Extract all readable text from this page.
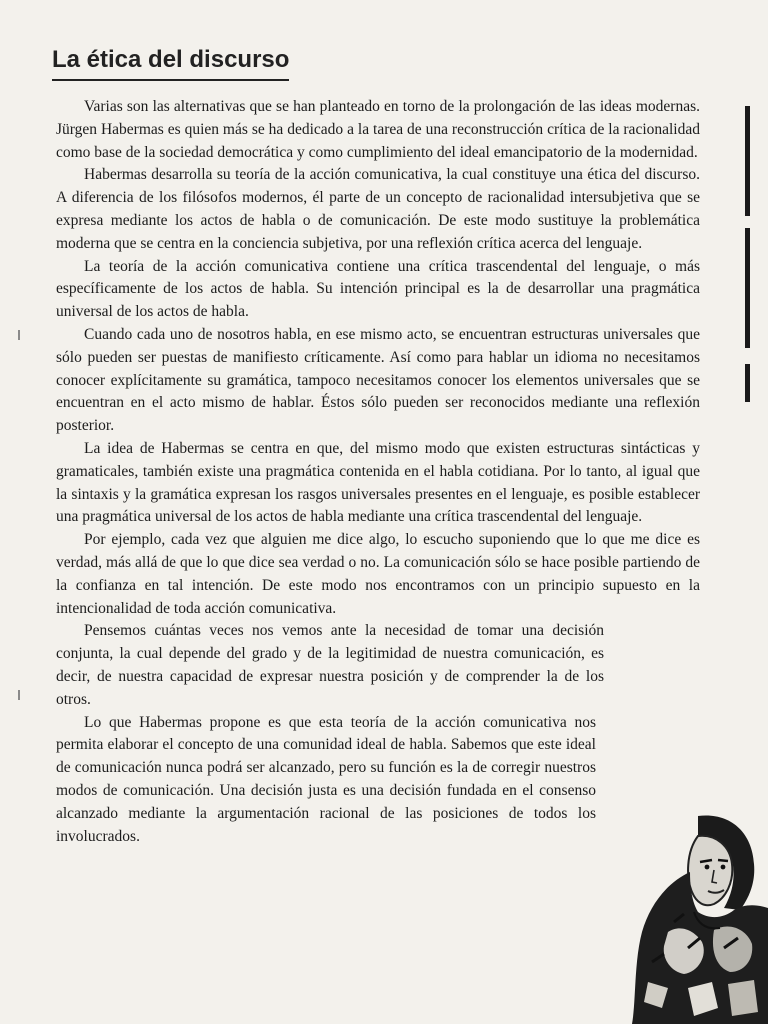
La ética del discurso

Varias son las alternativas que se han planteado en torno de la prolongación de las ideas modernas. Jürgen Habermas es quien más se ha dedicado a la tarea de una reconstrucción crítica de la racionalidad como base de la sociedad democrática y como cumplimiento del ideal emancipatorio de la modernidad.

Habermas desarrolla su teoría de la acción comunicativa, la cual constituye una ética del discurso. A diferencia de los filósofos modernos, él parte de un concepto de racionalidad intersubjetiva que se expresa mediante los actos de habla o de comunicación. De este modo sustituye la problemática moderna que se centra en la conciencia subjetiva, por una reflexión crítica acerca del lenguaje.

La teoría de la acción comunicativa contiene una crítica trascendental del lenguaje, o más específicamente de los actos de habla. Su intención principal es la de desarrollar una pragmática universal de los actos de habla.

Cuando cada uno de nosotros habla, en ese mismo acto, se encuentran estructuras universales que sólo pueden ser puestas de manifiesto críticamente. Así como para hablar un idioma no necesitamos conocer explícitamente su gramática, tampoco necesitamos conocer los elementos universales que se encuentran en el acto mismo de hablar. Éstos sólo pueden ser reconocidos mediante una reflexión posterior.

La idea de Habermas se centra en que, del mismo modo que existen estructuras sintácticas y gramaticales, también existe una pragmática contenida en el habla cotidiana. Por lo tanto, al igual que la sintaxis y la gramática expresan los rasgos universales presentes en el lenguaje, es posible establecer una pragmática universal de los actos de habla mediante una crítica trascendental del lenguaje.

Por ejemplo, cada vez que alguien me dice algo, lo escucho suponiendo que lo que me dice es verdad, más allá de que lo que dice sea verdad o no. La comunicación sólo se hace posible partiendo de la confianza en tal intención. De este modo nos encontramos con un principio supuesto en la intencionalidad de toda acción comunicativa.

Pensemos cuántas veces nos vemos ante la necesidad de tomar una decisión conjunta, la cual depende del grado y de la legitimidad de nuestra comunicación, es decir, de nuestra capacidad de expresar nuestra posición y de comprender la de los otros.

Lo que Habermas propone es que esta teoría de la acción comunicativa nos permita elaborar el concepto de una comunidad ideal de habla. Sabemos que este ideal de comunicación nunca podrá ser alcanzado, pero su función es la de corregir nuestros modos de comunicación. Una decisión justa es una decisión fundada en el consenso alcanzado mediante la argumentación racional de las posiciones de todos los involucrados.
